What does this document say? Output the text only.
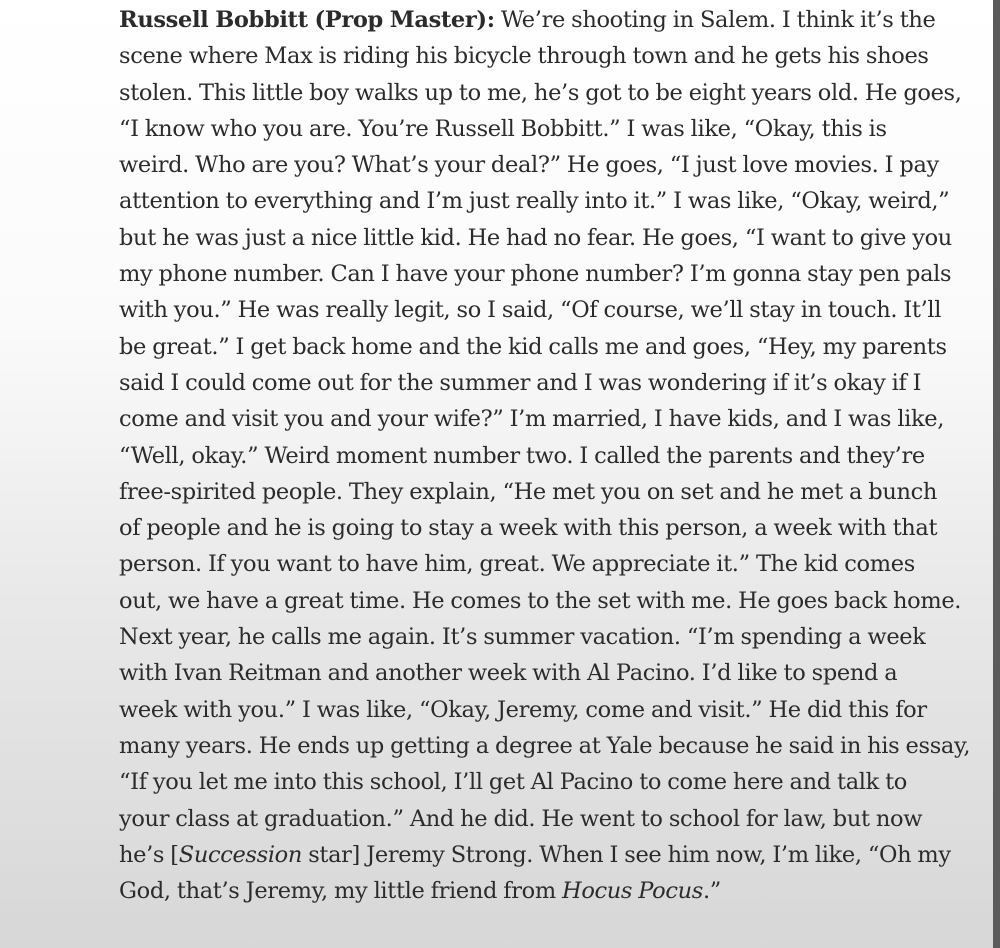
Russell Bobbitt (Prop Master): We’re shooting in Salem. I think it’s the
scene where Max is riding his bicycle through town and he gets his shoes
stolen. This little boy walks up to me, he’s got to be eight years old. He goes,
“I know who you are. You’re Russell Bobbitt.” I was like, “Okay, this is
weird. Who are you? What’s your deal?” He goes, “I just love movies. I pay
attention to everything and I’m just really into it.” I was like, “Okay, weird,”
but he was just a nice little kid. He had no fear. He goes, “I want to give you
my phone number. Can I have your phone number? I’m gonna stay pen pals
with you.” He was really legit, so I said, “Of course, we’ll stay in touch. It’ll
be great.” I get back home and the kid calls me and goes, “Hey, my parents
said I could come out for the summer and I was wondering if it’s okay if I
come and visit you and your wife?” I’m married, I have kids, and I was like,
“Well, okay.” Weird moment number two. I called the parents and they’re
free-spirited people. They explain, “He met you on set and he met a bunch
of people and he is going to stay a week with this person, a week with that
person. If you want to have him, great. We appreciate it.” The kid comes
out, we have a great time. He comes to the set with me. He goes back home.
Next year, he calls me again. It’s summer vacation. “I’m spending a week
with Ivan Reitman and another week with Al Pacino. I’d like to spend a
week with you.” I was like, “Okay, Jeremy, come and visit.” He did this for
many years. He ends up getting a degree at Yale because he said in his essay,
“If you let me into this school, I’ll get Al Pacino to come here and talk to
your class at graduation.” And he did. He went to school for law, but now
he’s [Succession star] Jeremy Strong. When I see him now, I’m like, “Oh my
God, that’s Jeremy, my little friend from Hocus Pocus.”
